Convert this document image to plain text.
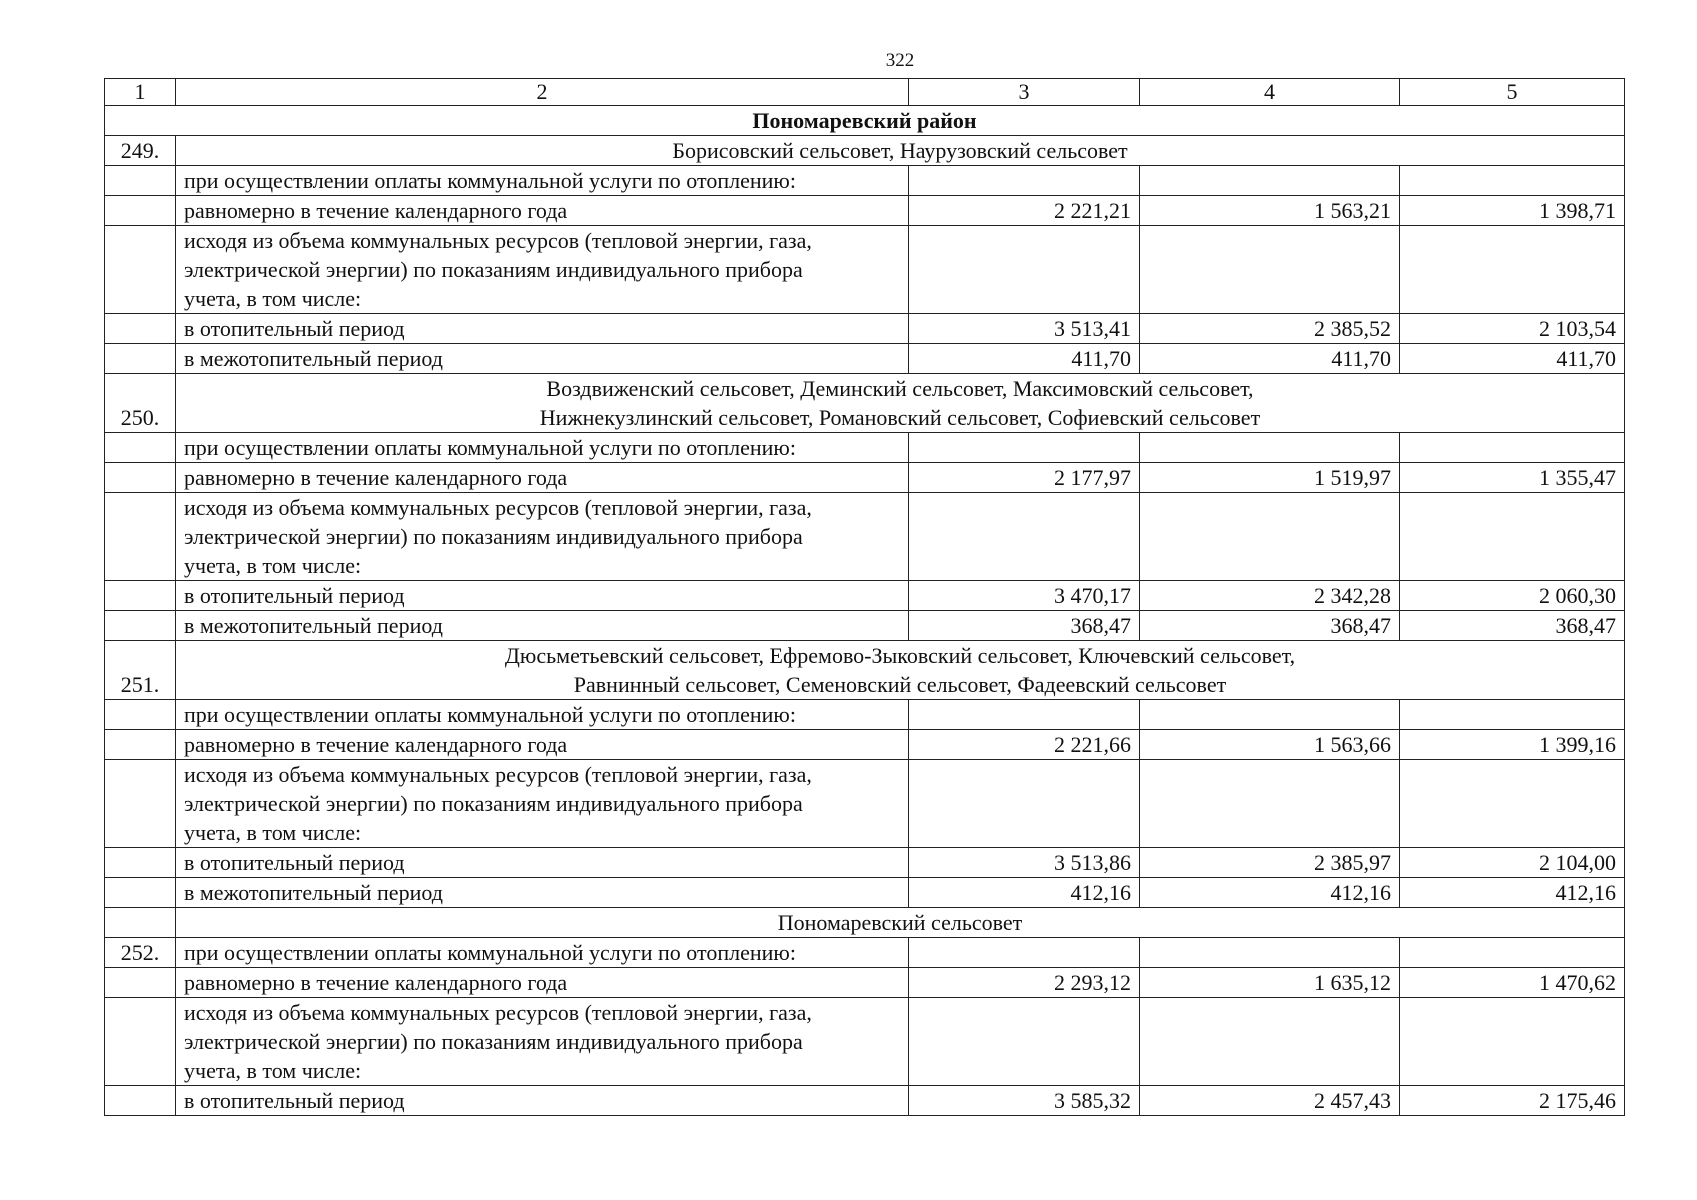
322
1	2	3	4	5
Пономаревский район				
249.	Борисовский сельсовет, Наурузовский сельсовет			
	при осуществлении оплаты коммунальной услуги по отоплению:			
	равномерно в течение календарного года	2 221,21	1 563,21	1 398,71
	исходя из объема коммунальных ресурсов (тепловой энергии, газа,
электрической энергии) по показаниям индивидуального прибора
учета, в том числе:			
	в отопительный период	3 513,41	2 385,52	2 103,54
	в межотопительный период	411,70	411,70	411,70
250.	Воздвиженский сельсовет, Деминский сельсовет, Максимовский сельсовет,
Нижнекузлинский сельсовет, Романовский сельсовет, Софиевский сельсовет			
	при осуществлении оплаты коммунальной услуги по отоплению:			
	равномерно в течение календарного года	2 177,97	1 519,97	1 355,47
	исходя из объема коммунальных ресурсов (тепловой энергии, газа,
электрической энергии) по показаниям индивидуального прибора
учета, в том числе:			
	в отопительный период	3 470,17	2 342,28	2 060,30
	в межотопительный период	368,47	368,47	368,47
251.	Дюсьметьевский сельсовет, Ефремово-Зыковский сельсовет, Ключевский сельсовет,
Равнинный сельсовет, Семеновский сельсовет, Фадеевский сельсовет			
	при осуществлении оплаты коммунальной услуги по отоплению:			
	равномерно в течение календарного года	2 221,66	1 563,66	1 399,16
	исходя из объема коммунальных ресурсов (тепловой энергии, газа,
электрической энергии) по показаниям индивидуального прибора
учета, в том числе:			
	в отопительный период	3 513,86	2 385,97	2 104,00
	в межотопительный период	412,16	412,16	412,16
	Пономаревский сельсовет			
252.	при осуществлении оплаты коммунальной услуги по отоплению:			
	равномерно в течение календарного года	2 293,12	1 635,12	1 470,62
	исходя из объема коммунальных ресурсов (тепловой энергии, газа,
электрической энергии) по показаниям индивидуального прибора
учета, в том числе:			
	в отопительный период	3 585,32	2 457,43	2 175,46
